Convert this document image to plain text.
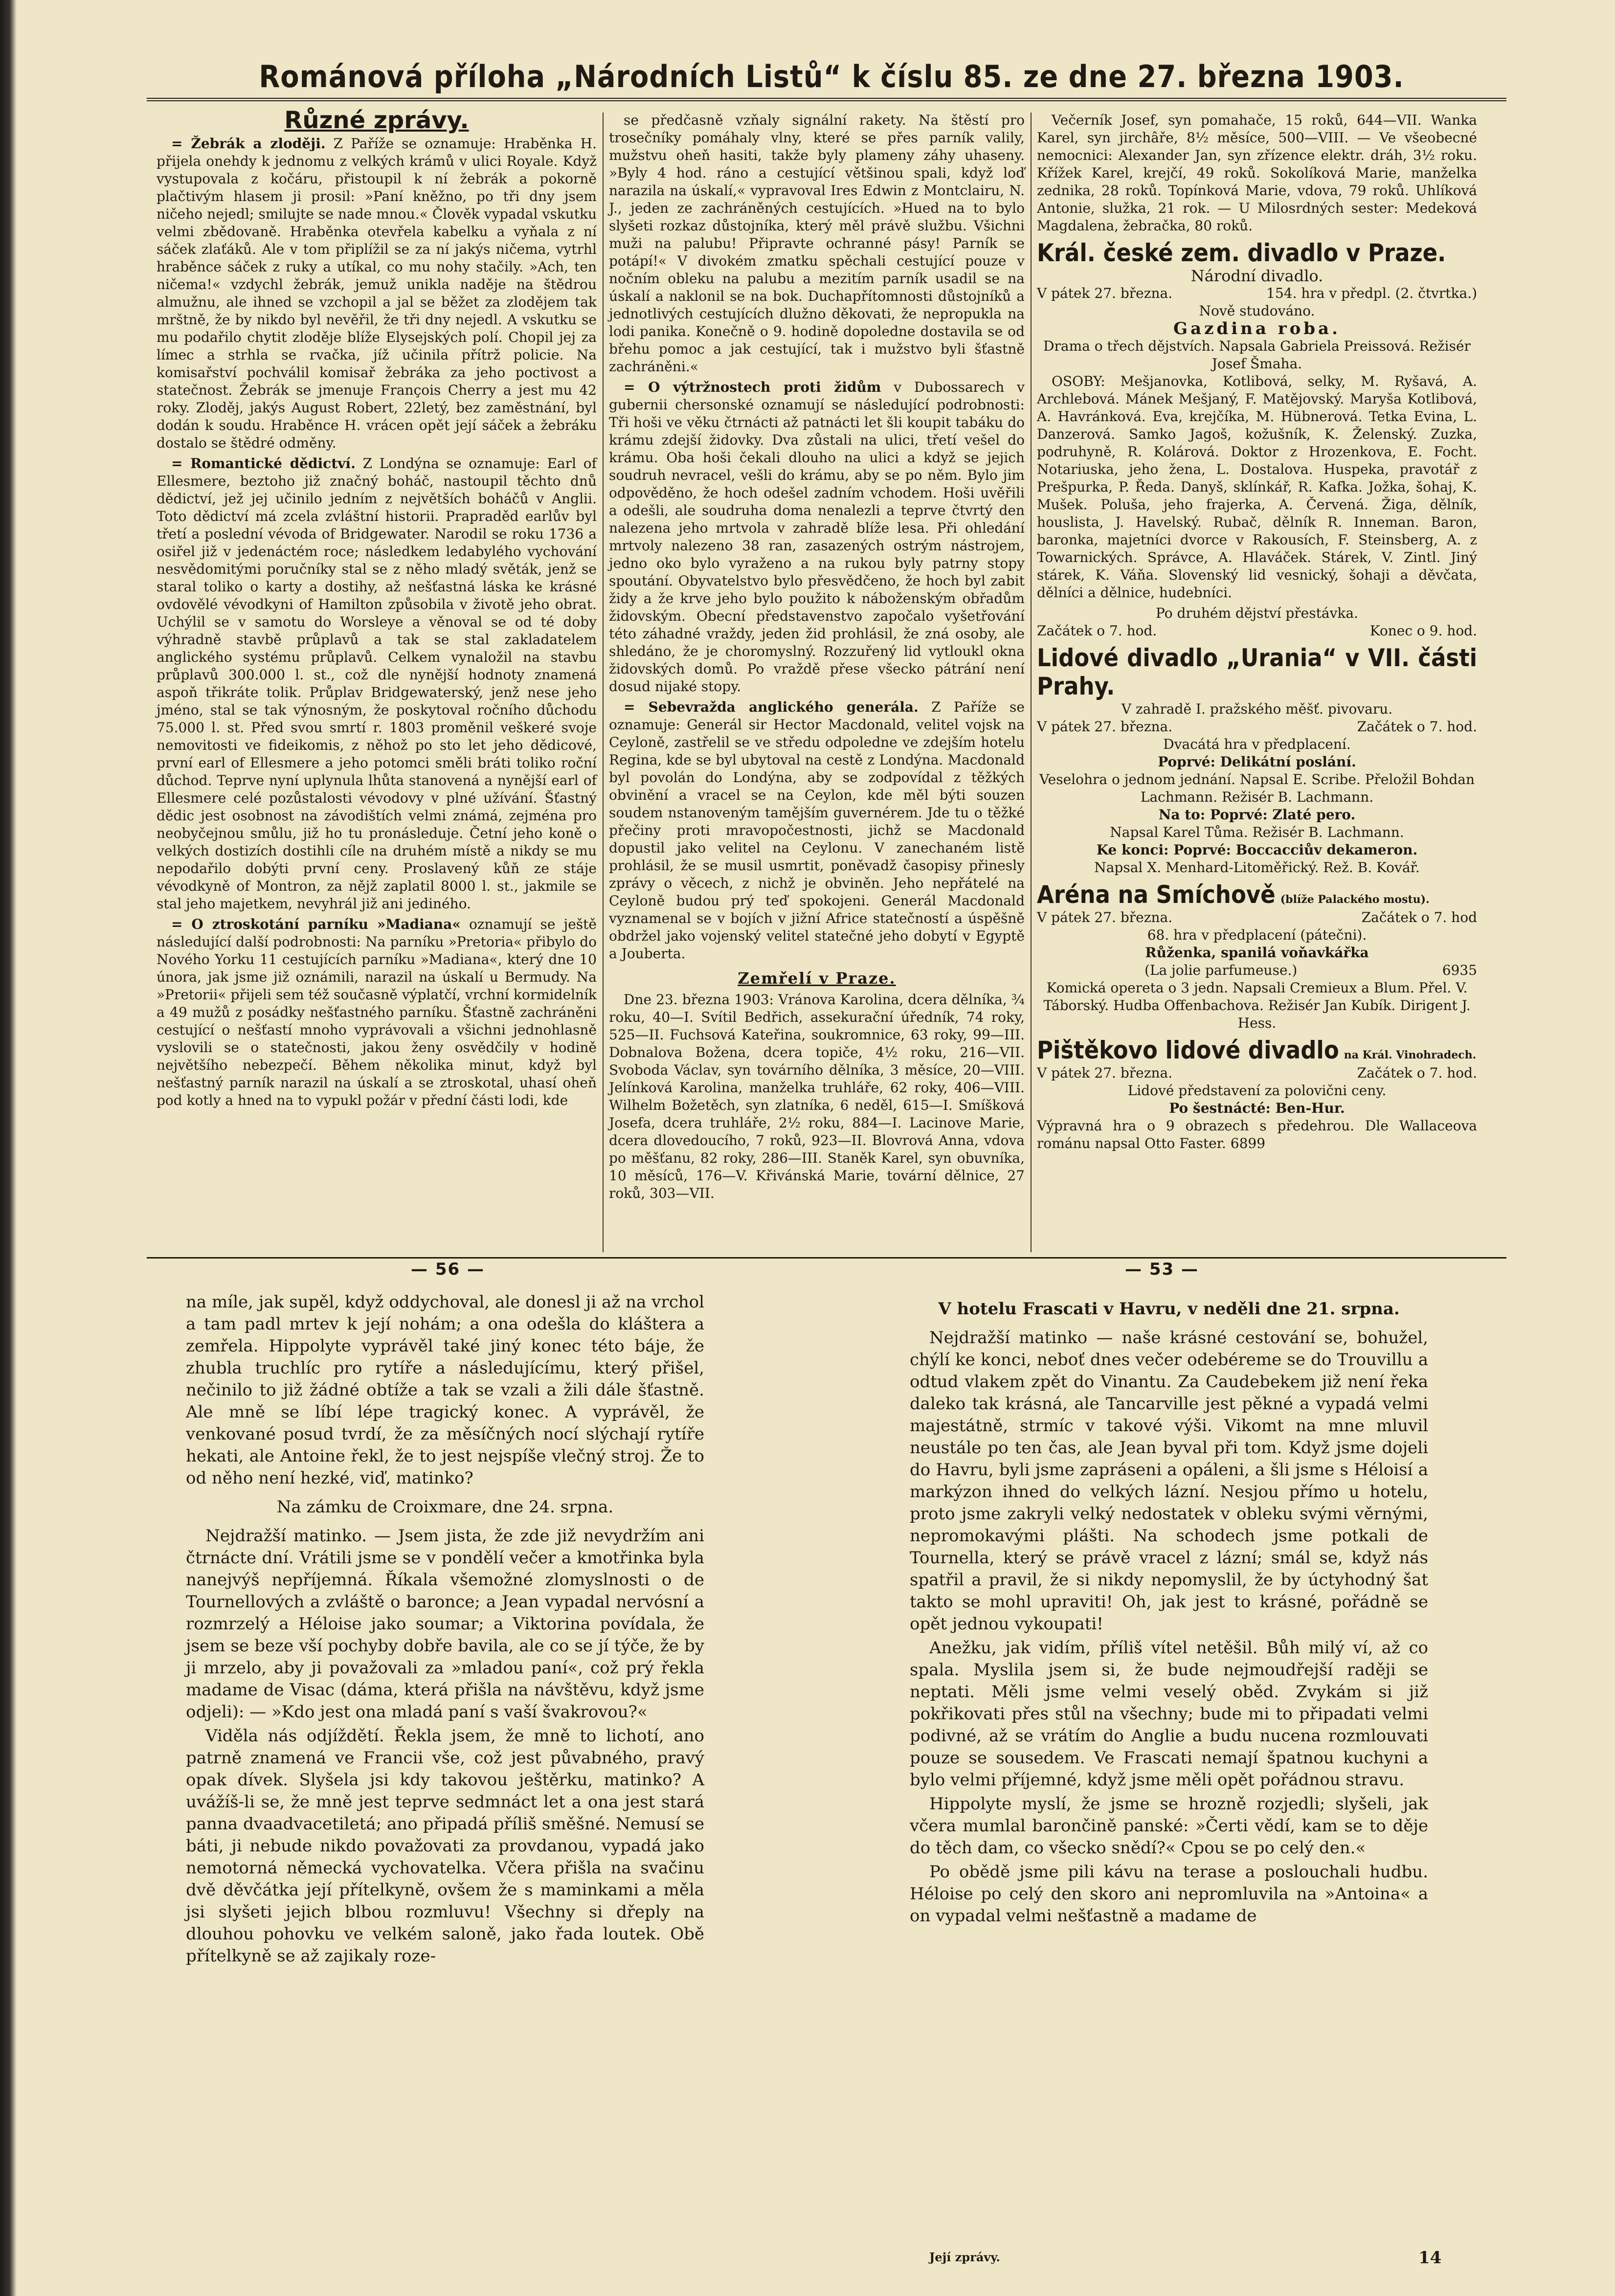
Románová příloha „Národních Listů“ k číslu 85. ze dne 27. března 1903.
Různé zprávy.

= Žebrák a zloději. Z Paříže se oznamuje: Hraběnka H. přijela onehdy k jednomu z velkých krámů v ulici Royale. Když vystupovala z kočáru, přistoupil k ní žebrák a pokorně plačtivým hlasem ji prosil: »Paní kněžno, po tři dny jsem ničeho nejedl; smilujte se nade mnou.« Člověk vypadal vskutku velmi zbědovaně. Hraběnka otevřela kabelku a vyňala z ní sáček zlaťáků. Ale v tom připlížil se za ní jakýs ničema, vytrhl hraběnce sáček z ruky a utíkal, co mu nohy stačily. »Ach, ten ničema!« vzdychl žebrák, jemuž unikla naděje na štědrou almužnu, ale ihned se vzchopil a jal se běžet za zlodějem tak mrštně, že by nikdo byl nevěřil, že tři dny nejedl. A vskutku se mu podařilo chytit zloděje blíže Elysejských polí. Chopil jej za límec a strhla se rvačka, jíž učinila přítrž policie. Na komisařství pochválil komisař žebráka za jeho poctivost a statečnost. Žebrák se jmenuje François Cherry a jest mu 42 roky. Zloděj, jakýs August Robert, 22letý, bez zaměstnání, byl dodán k soudu. Hraběnce H. vrácen opět její sáček a žebráku dostalo se štědré odměny.

= Romantické dědictví. Z Londýna se oznamuje: Earl of Ellesmere, beztoho již značný boháč, nastoupil těchto dnů dědictví, jež jej učinilo jedním z největších boháčů v Anglii. Toto dědictví má zcela zvláštní historii. Prapraděd earlův byl třetí a poslední vévoda of Bridgewater. Narodil se roku 1736 a osiřel již v jedenáctém roce; následkem ledabylého vychování nesvědomitými poručníky stal se z něho mladý světák, jenž se staral toliko o karty a dostihy, až nešťastná láska ke krásné ovdovělé vévodkyni of Hamilton způsobila v životě jeho obrat. Uchýlil se v samotu do Worsleye a věnoval se od té doby výhradně stavbě průplavů a tak se stal zakladatelem anglického systému průplavů. Celkem vynaložil na stavbu průplavů 300.000 l. st., což dle nynější hodnoty znamená aspoň třikráte tolik. Průplav Bridgewaterský, jenž nese jeho jméno, stal se tak výnosným, že poskytoval ročního důchodu 75.000 l. st. Před svou smrtí r. 1803 proměnil veškeré svoje nemovitosti ve fideikomis, z něhož po sto let jeho dědicové, první earl of Ellesmere a jeho potomci směli bráti toliko roční důchod. Teprve nyní uplynula lhůta stanovená a nynější earl of Ellesmere celé pozůstalosti vévodovy v plné užívání. Šťastný dědic jest osobnost na závodištích velmi známá, zejména pro neobyčejnou smůlu, již ho tu pronásleduje. Četní jeho koně o velkých dostizích dostihli cíle na druhém místě a nikdy se mu nepodařilo dobýti první ceny. Proslavený kůň ze stáje vévodkyně of Montron, za nějž zaplatil 8000 l. st., jakmile se stal jeho majetkem, nevyhrál již ani jediného.

= O ztroskotání parníku »Madiana« oznamují se ještě následující další podrobnosti: Na parníku »Pretoria« přibylo do Nového Yorku 11 cestujících parníku »Madiana«, který dne 10 února, jak jsme již oznámili, narazil na úskalí u Bermudy. Na »Pretorii« přijeli sem též současně výplatčí, vrchní kormidelník a 49 mužů z posádky nešťastného parníku. Šťastně zachráněni cestující o nešťastí mnoho vyprávovali a všichni jednohlasně vyslovili se o statečnosti, jakou ženy osvědčily v hodině největšího nebezpečí. Během několika minut, když byl nešťastný parník narazil na úskalí a se ztroskotal, uhasí oheň pod kotly a hned na to vypukl požár v přední části lodi, kde

se předčasně vzňaly signální rakety. Na štěstí pro trosečníky pomáhaly vlny, které se přes parník valily, mužstvu oheň hasiti, takže byly plameny záhy uhaseny. »Byly 4 hod. ráno a cestující většinou spali, když loď narazila na úskalí,« vypravoval Ires Edwin z Montclairu, N. J., jeden ze zachráněných cestujících. »Hued na to bylo slyšeti rozkaz důstojníka, který měl právě službu. Všichni muži na palubu! Připravte ochranné pásy! Parník se potápí!« V divokém zmatku spěchali cestující pouze v nočním obleku na palubu a mezitím parník usadil se na úskalí a naklonil se na bok. Duchapřítomnosti důstojníků a jednotlivých cestujících dlužno děkovati, že nepropukla na lodi panika. Konečně o 9. hodině dopoledne dostavila se od břehu pomoc a jak cestující, tak i mužstvo byli šťastně zachráněni.«

= O výtržnostech proti židům v Dubossarech v gubernii chersonské oznamují se následující podrobnosti: Tři hoši ve věku čtrnácti až patnácti let šli koupit tabáku do krámu zdejší židovky. Dva zůstali na ulici, třetí vešel do krámu. Oba hoši čekali dlouho na ulici a když se jejich soudruh nevracel, vešli do krámu, aby se po něm. Bylo jim odpověděno, že hoch odešel zadním vchodem. Hoši uvěřili a odešli, ale soudruha doma nenalezli a teprve čtvrtý den nalezena jeho mrtvola v zahradě blíže lesa. Při ohledání mrtvoly nalezeno 38 ran, zasazených ostrým nástrojem, jedno oko bylo vyraženo a na rukou byly patrny stopy spoutání. Obyvatelstvo bylo přesvědčeno, že hoch byl zabit židy a že krve jeho bylo použito k náboženským obřadům židovským. Obecní představenstvo započalo vyšetřování této záhadné vraždy, jeden žid prohlásil, že zná osoby, ale shledáno, že je choromyslný. Rozzuřený lid vytloukl okna židovských domů. Po vraždě přese všecko pátrání není dosud nijaké stopy.

= Sebevražda anglického generála. Z Paříže se oznamuje: Generál sir Hector Macdonald, velitel vojsk na Ceyloně, zastřelil se ve středu odpoledne ve zdejším hotelu Regina, kde se byl ubytoval na cestě z Londýna. Macdonald byl povolán do Londýna, aby se zodpovídal z těžkých obvinění a vracel se na Ceylon, kde měl býti souzen soudem nstanoveným tamějším guvernérem. Jde tu o těžké přečiny proti mravopočestnosti, jichž se Macdonald dopustil jako velitel na Ceylonu. V zanechaném listě prohlásil, že se musil usmrtit, poněvadž časopisy přinesly zprávy o věcech, z nichž je obviněn. Jeho nepřátelé na Ceyloně budou prý teď spokojeni. Generál Macdonald vyznamenal se v bojích v jižní Africe statečností a úspěšně obdržel jako vojenský velitel statečné jeho dobytí v Egyptě a Jouberta.

Zemřelí v Praze.

Dne 23. března 1903: Vránova Karolina, dcera dělníka, ¾ roku, 40—I. Svítil Bedřich, assekurační úředník, 74 roky, 525—II. Fuchsová Kateřina, soukromnice, 63 roky, 99—III. Dobnalova Božena, dcera topiče, 4½ roku, 216—VII. Svoboda Václav, syn továrního dělníka, 3 měsíce, 20—VIII. Jelínková Karolina, manželka truhláře, 62 roky, 406—VIII. Wilhelm Božetěch, syn zlatníka, 6 neděl, 615—I. Smíšková Josefa, dcera truhláře, 2½ roku, 884—I. Lacinove Marie, dcera dlovedoucího, 7 roků, 923—II. Blovrová Anna, vdova po měšťanu, 82 roky, 286—III. Staněk Karel, syn obuvníka, 10 měsíců, 176—V. Křivánská Marie, tovární dělnice, 27 roků, 303—VII.

Večerník Josef, syn pomahače, 15 roků, 644—VII. Wanka Karel, syn jirchâře, 8½ měsíce, 500—VIII. — Ve všeobecné nemocnici: Alexander Jan, syn zřízence elektr. dráh, 3½ roku. Křížek Karel, krejčí, 49 roků. Sokolíková Marie, manželka zednika, 28 roků. Topínková Marie, vdova, 79 roků. Uhlíková Antonie, služka, 21 rok. — U Milosrdných sester: Medeková Magdalena, žebračka, 80 roků.

Král. české zem. divadlo v Praze.
Národní divadlo.
V pátek 27. března.	154. hra v předpl. (2. čtvrtka.)
Nově studováno.
Gazdina roba.
Drama o třech dějstvích. Napsala Gabriela Preissová. Režisér Josef Šmaha.

OSOBY: Mešjanovka, Kotlibová, selky, M. Ryšavá, A. Archlebová. Mánek Mešjaný, F. Matějovský. Maryša Kotlibová, A. Havránková. Eva, krejčíka, M. Hübnerová. Tetka Evina, L. Danzerová. Samko Jagoš, kožušník, K. Želenský. Zuzka, podruhyně, R. Kolárová. Doktor z Hrozenkova, E. Focht. Notariuska, jeho žena, L. Dostalova. Huspeka, pravotář z Prešpurka, P. Ředa. Danyš, sklínkář, R. Kafka. Jožka, šohaj, K. Mušek. Poluša, jeho frajerka, A. Červená. Žiga, dělník, houslista, J. Havelský. Rubač, dělník R. Inneman. Baron, baronka, majetníci dvorce v Rakousích, F. Steinsberg, A. z Towarnických. Správce, A. Hlaváček. Stárek, V. Zintl. Jiný stárek, K. Váňa. Slovenský lid vesnický, šohaji a děvčata, dělníci a dělnice, hudebníci.

Po druhém dějství přestávka.
Začátek o 7. hod.	Konec o 9. hod.
Lidové divadlo „Urania“ v VII. části Prahy.
V zahradě I. pražského měšť. pivovaru.
V pátek 27. března.	Začátek o 7. hod.
Dvacátá hra v předplacení.
Poprvé: Delikátní poslání.
Veselohra o jednom jednání. Napsal E. Scribe. Přeložil Bohdan Lachmann. Režisér B. Lachmann.
Na to: Poprvé: Zlaté pero.
Napsal Karel Tůma. Režisér B. Lachmann.
Ke konci: Poprvé: Boccacciův dekameron.
Napsal X. Menhard-Litoměřický. Rež. B. Kovář.
Aréna na Smíchově (blíže Palackého mostu).
V pátek 27. března.	Začátek o 7. hod
68. hra v předplacení (pátečni).
Růženka, spanilá voňavkářka
(La jolie parfumeuse.)	6935
Komická opereta o 3 jedn. Napsali Cremieux a Blum. Přel. V. Táborský. Hudba Offenbachova. Režisér Jan Kubík. Dirigent J. Hess.
Pištěkovo lidové divadlo na Král. Vinohradech.
V pátek 27. března.	Začátek o 7. hod.
Lidové představení za polovični ceny.
Po šestnácté: Ben-Hur.
Výpravná hra o 9 obrazech s předehrou. Dle Wallaceova románu napsal Otto Faster. 6899
— 56 —	— 53 —

na míle, jak supěl, když oddychoval, ale donesl ji až na vrchol a tam padl mrtev k její nohám; a ona odešla do kláštera a zemřela. Hippolyte vyprávěl také jiný konec této báje, že zhubla truchlíc pro rytíře a následujícímu, který přišel, nečinilo to již žádné obtíže a tak se vzali a žili dále šťastně. Ale mně se líbí lépe tragický konec. A vyprávěl, že venkované posud tvrdí, že za měsíčných nocí slýchají rytíře hekati, ale Antoine řekl, že to jest nejspíše vlečný stroj. Že to od něho není hezké, viď, matinko?

Na zámku de Croixmare, dne 24. srpna.

Nejdražší matinko. — Jsem jista, že zde již nevydržím ani čtrnácte dní. Vrátili jsme se v pondělí večer a kmotřinka byla nanejvýš nepříjemná. Říkala všemožné zlomyslnosti o de Tournellových a zvláště o baronce; a Jean vypadal nervósní a rozmrzelý a Héloise jako soumar; a Viktorina povídala, že jsem se beze vší pochyby dobře bavila, ale co se jí týče, že by ji mrzelo, aby ji považovali za »mladou paní«, což prý řekla madame de Visac (dáma, která přišla na návštěvu, když jsme odjeli): — »Kdo jest ona mladá paní s vaší švakrovou?«

Viděla nás odjíždětí. Řekla jsem, že mně to lichotí, ano patrně znamená ve Francii vše, což jest půvabného, pravý opak dívek. Slyšela jsi kdy takovou ještěrku, matinko? A uvážíš-li se, že mně jest teprve sedmnáct let a ona jest stará panna dvaadvacetiletá; ano připadá příliš směšné. Nemusí se báti, ji nebude nikdo považovati za provdanou, vypadá jako nemotorná německá vychovatelka. Včera přišla na svačinu dvě děvčátka její přítelkyně, ovšem že s maminkami a měla jsi slyšeti jejich blbou rozmluvu! Všechny si dřeply na dlouhou pohovku ve velkém saloně, jako řada loutek. Obě přítelkyně se až zajikaly roze-

V hotelu Frascati v Havru, v neděli dne 21. srpna.

Nejdražší matinko — naše krásné cestování se, bohužel, chýlí ke konci, neboť dnes večer odebéreme se do Trouvillu a odtud vlakem zpět do Vinantu. Za Caudebekem již není řeka daleko tak krásná, ale Tancarville jest pěkné a vypadá velmi majestátně, strmíc v takové výši. Vikomt na mne mluvil neustále po ten čas, ale Jean byval při tom. Když jsme dojeli do Havru, byli jsme zapráseni a opáleni, a šli jsme s Héloisí a markýzon ihned do velkých lázní. Nesjou přímo u hotelu, proto jsme zakryli velký nedostatek v obleku svými věrnými, nepromokavými plášti. Na schodech jsme potkali de Tournella, který se právě vracel z lázní; smál se, když nás spatřil a pravil, že si nikdy nepomyslil, že by úctyhodný šat takto se mohl upraviti! Oh, jak jest to krásné, pořádně se opět jednou vykoupati!

Anežku, jak vidím, příliš vítel netěšil. Bůh milý ví, až co spala. Myslila jsem si, že bude nejmoudřejší raději se neptati. Měli jsme velmi veselý oběd. Zvykám si již pokřikovati přes stůl na všechny; bude mi to připadati velmi podivné, až se vrátím do Anglie a budu nucena rozmlouvati pouze se sousedem. Ve Frascati nemají špatnou kuchyni a bylo velmi příjemné, když jsme měli opět pořádnou stravu.

Hippolyte myslí, že jsme se hrozně rozjedli; slyšeli, jak včera mumlal barončině panské: »Čerti vědí, kam se to děje do těch dam, co všecko snědí?« Cpou se po celý den.«

Po obědě jsme pili kávu na terase a poslouchali hudbu. Héloise po celý den skoro ani nepromluvila na »Antoina« a on vypadal velmi nešťastně a madame de

Její zprávy.	14
